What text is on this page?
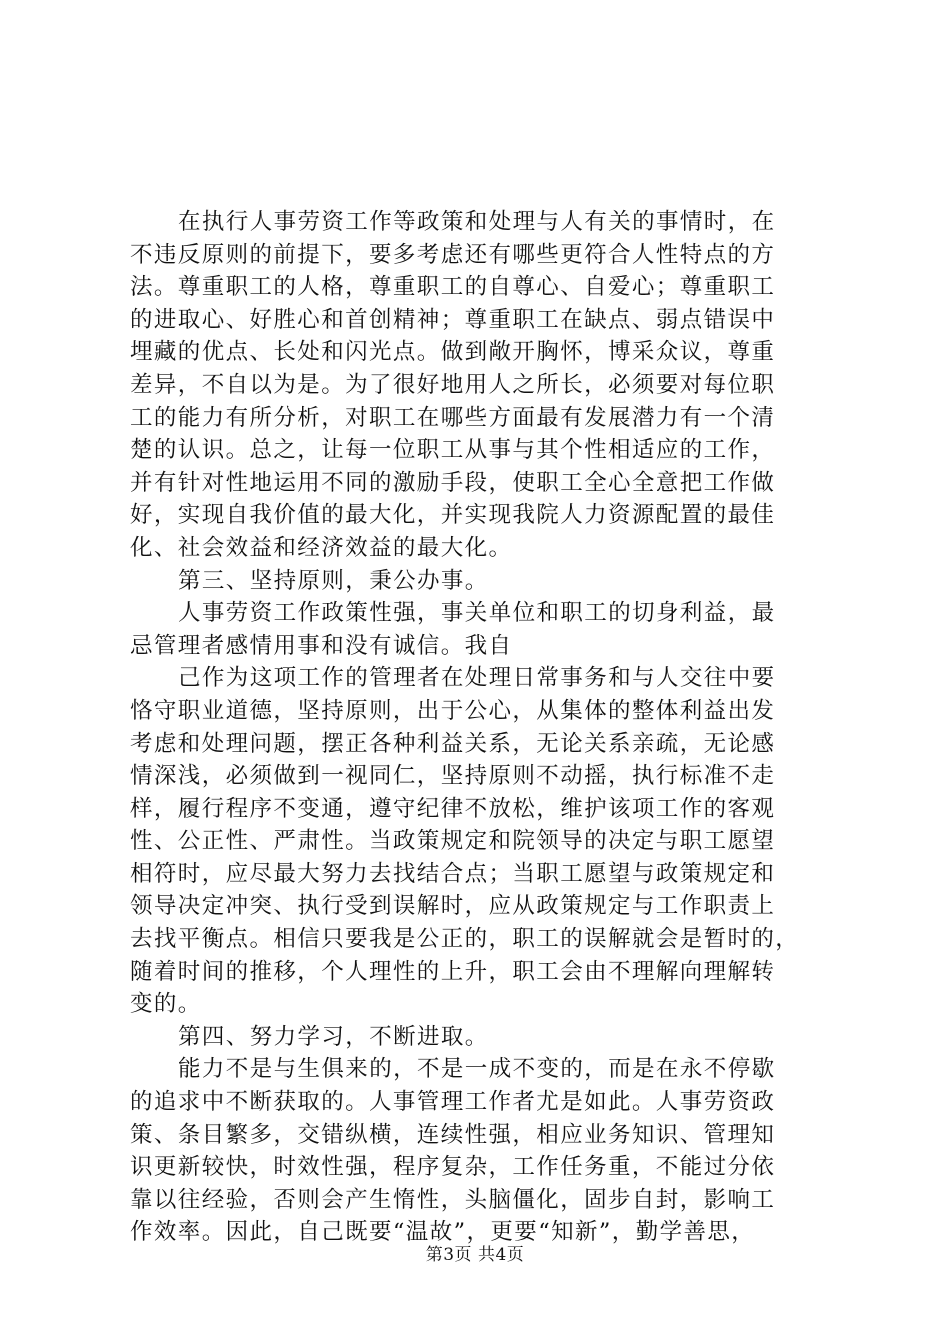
在执行人事劳资工作等政策和处理与人有关的事情时，在
不违反原则的前提下，要多考虑还有哪些更符合人性特点的方
法。尊重职工的人格，尊重职工的自尊心、自爱心；尊重职工
的进取心、好胜心和首创精神；尊重职工在缺点、弱点错误中
埋藏的优点、长处和闪光点。做到敞开胸怀，博采众议，尊重
差异，不自以为是。为了很好地用人之所长，必须要对每位职
工的能力有所分析，对职工在哪些方面最有发展潜力有一个清
楚的认识。总之，让每一位职工从事与其个性相适应的工作，
并有针对性地运用不同的激励手段，使职工全心全意把工作做
好，实现自我价值的最大化，并实现我院人力资源配置的最佳
化、社会效益和经济效益的最大化。
第三、坚持原则，秉公办事。
人事劳资工作政策性强，事关单位和职工的切身利益，最
忌管理者感情用事和没有诚信。我自
己作为这项工作的管理者在处理日常事务和与人交往中要
恪守职业道德，坚持原则，出于公心，从集体的整体利益出发
考虑和处理问题，摆正各种利益关系，无论关系亲疏，无论感
情深浅，必须做到一视同仁，坚持原则不动摇，执行标准不走
样，履行程序不变通，遵守纪律不放松，维护该项工作的客观
性、公正性、严肃性。当政策规定和院领导的决定与职工愿望
相符时，应尽最大努力去找结合点；当职工愿望与政策规定和
领导决定冲突、执行受到误解时，应从政策规定与工作职责上
去找平衡点。相信只要我是公正的，职工的误解就会是暂时的，
随着时间的推移，个人理性的上升，职工会由不理解向理解转
变的。
第四、努力学习，不断进取。
能力不是与生俱来的，不是一成不变的，而是在永不停歇
的追求中不断获取的。人事管理工作者尤是如此。人事劳资政
策、条目繁多，交错纵横，连续性强，相应业务知识、管理知
识更新较快，时效性强，程序复杂，工作任务重，不能过分依
靠以往经验，否则会产生惰性，头脑僵化，固步自封，影响工
作效率。因此，自己既要“温故”，更要“知新”，勤学善思，
第3页 共4页
